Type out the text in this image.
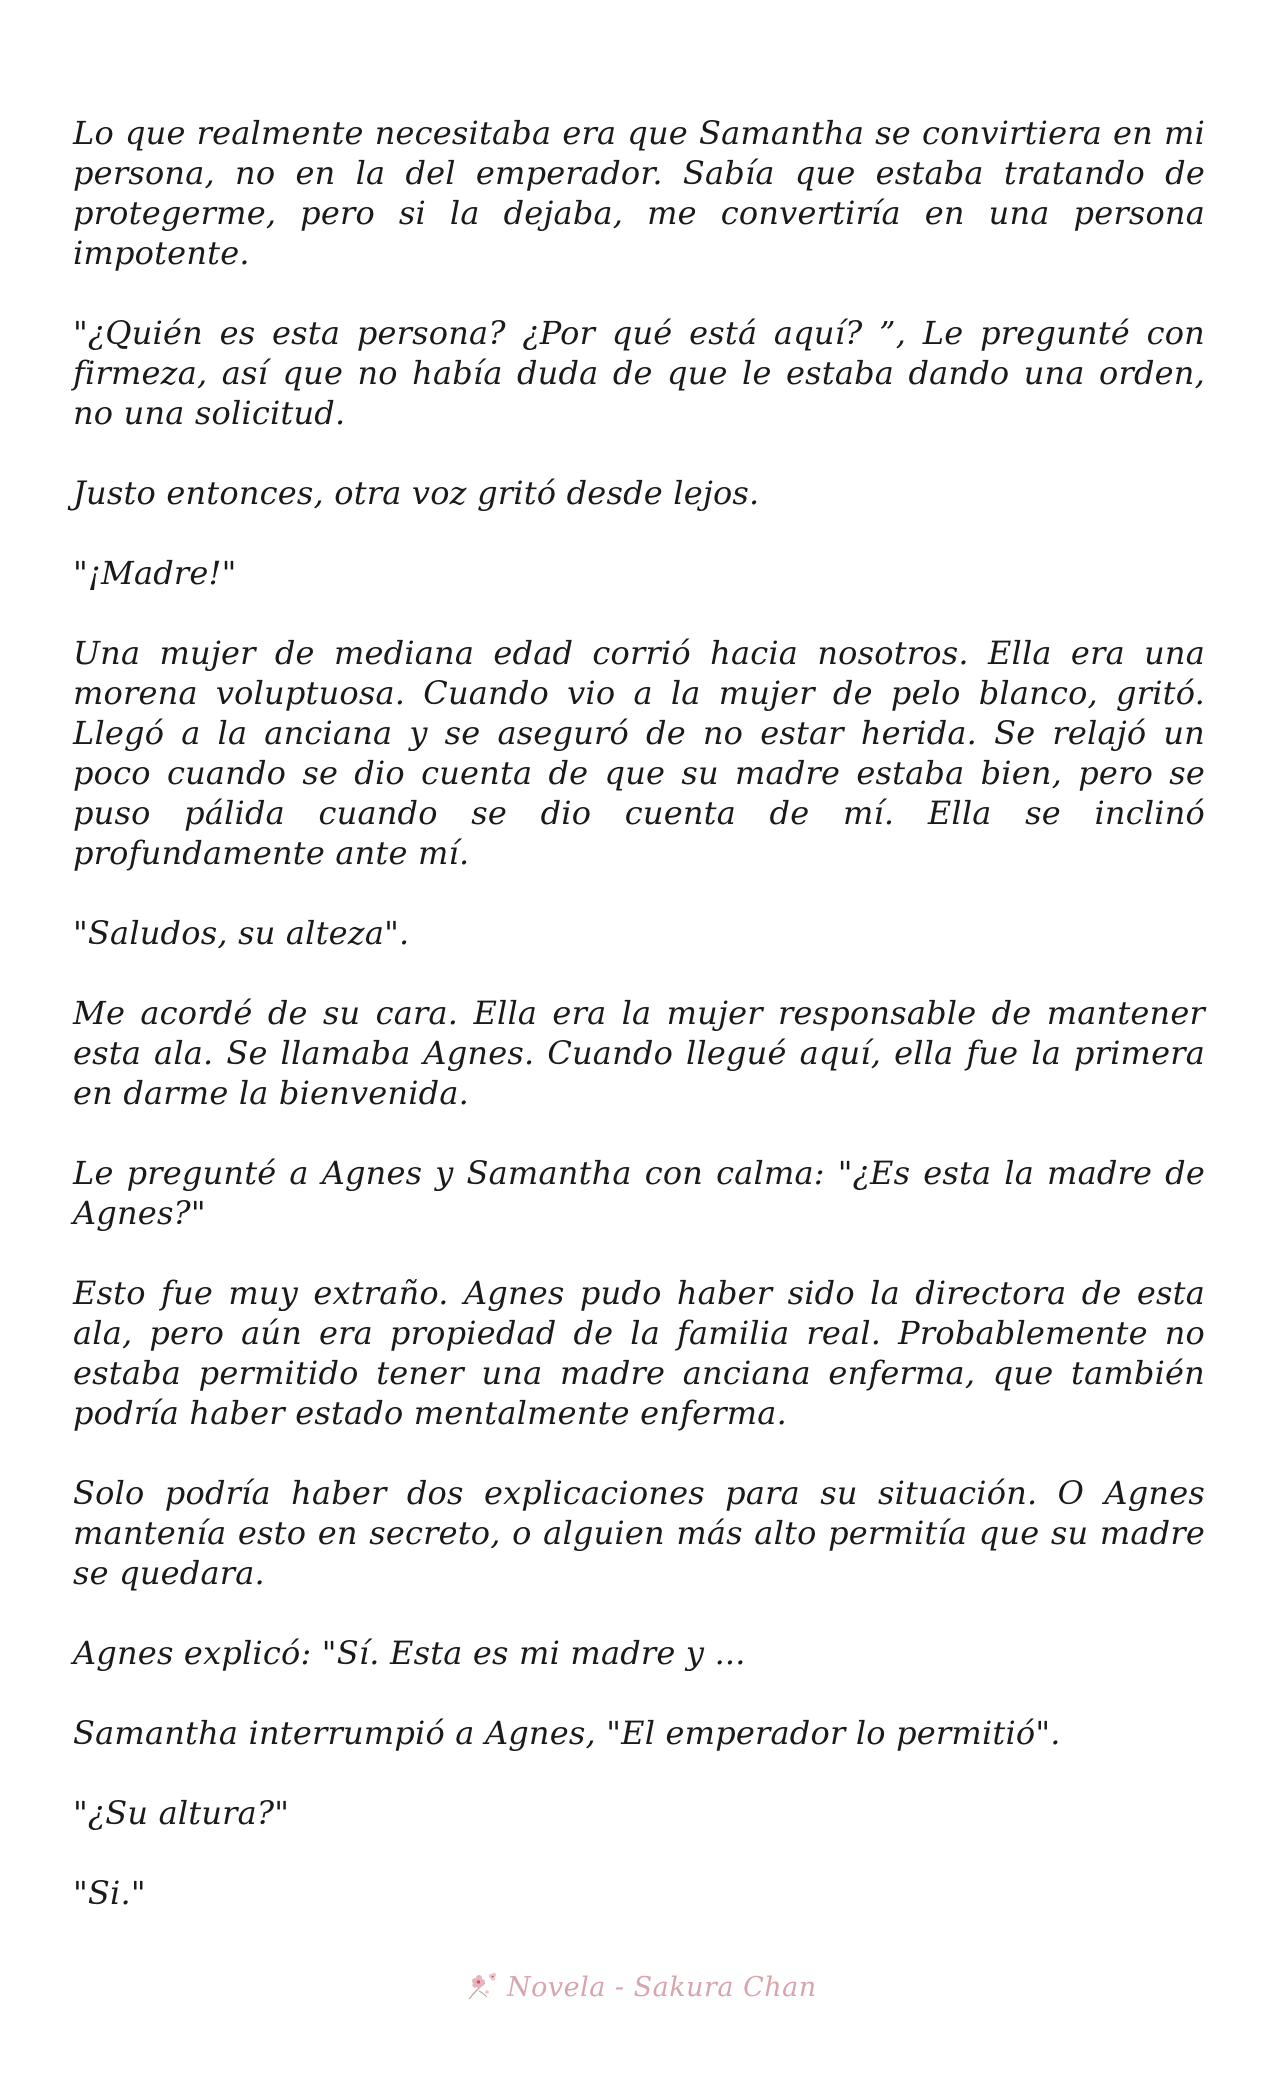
Lo que realmente necesitaba era que Samantha se convirtiera en mi persona, no en la del emperador. Sabía que estaba tratando de protegerme, pero si la dejaba, me convertiría en una persona impotente.

"¿Quién es esta persona? ¿Por qué está aquí? ”, Le pregunté con firmeza, así que no había duda de que le estaba dando una orden, no una solicitud.

Justo entonces, otra voz gritó desde lejos.

"¡Madre!"

Una mujer de mediana edad corrió hacia nosotros. Ella era una morena voluptuosa. Cuando vio a la mujer de pelo blanco, gritó. Llegó a la anciana y se aseguró de no estar herida. Se relajó un poco cuando se dio cuenta de que su madre estaba bien, pero se puso pálida cuando se dio cuenta de mí. Ella se inclinó profundamente ante mí.

"Saludos, su alteza".

Me acordé de su cara. Ella era la mujer responsable de mantener esta ala. Se llamaba Agnes. Cuando llegué aquí, ella fue la primera en darme la bienvenida.

Le pregunté a Agnes y Samantha con calma: "¿Es esta la madre de Agnes?"

Esto fue muy extraño. Agnes pudo haber sido la directora de esta ala, pero aún era propiedad de la familia real. Probablemente no estaba permitido tener una madre anciana enferma, que también podría haber estado mentalmente enferma.

Solo podría haber dos explicaciones para su situación. O Agnes mantenía esto en secreto, o alguien más alto permitía que su madre se quedara.

Agnes explicó: "Sí. Esta es mi madre y ...

Samantha interrumpió a Agnes, "El emperador lo permitió".

"¿Su altura?"

"Si."

Novela - Sakura Chan
